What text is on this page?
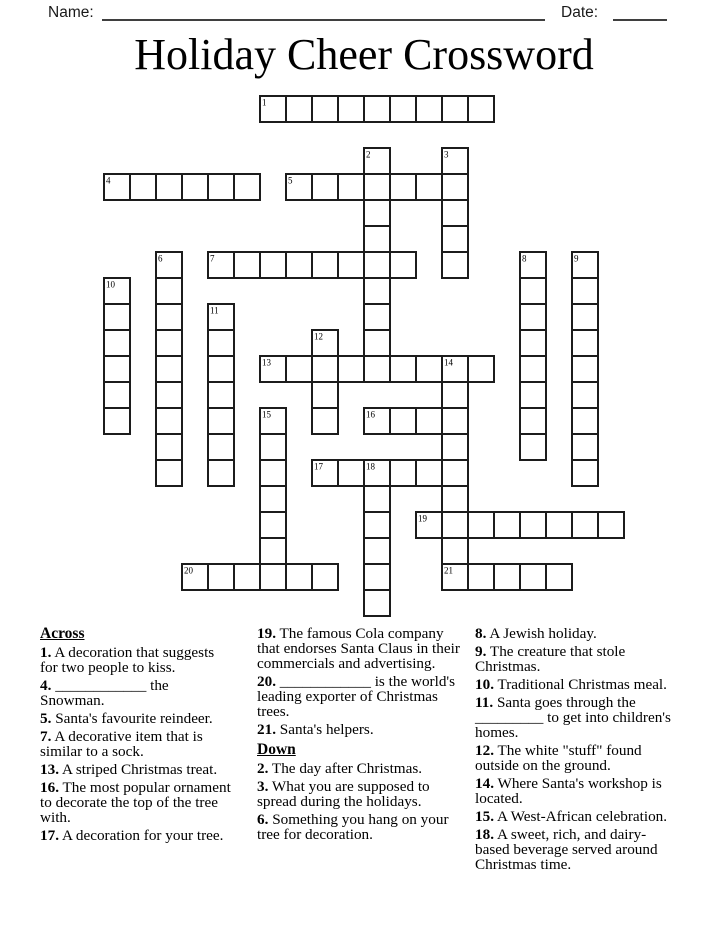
Name:	Date:
Holiday Cheer Crossword
1
2	3
4	5
6	7	8	9
10
11
12
13	14
15	16
17	18
19
20	21
Across
1. A decoration that suggests for two people to kiss.
4. ____________ the Snowman.
5. Santa's favourite reindeer.
7. A decorative item that is similar to a sock.
13. A striped Christmas treat.
16. The most popular ornament to decorate the top of the tree with.
17. A decoration for your tree.
19. The famous Cola company that endorses Santa Claus in their commercials and advertising.
20. ____________ is the world's leading exporter of Christmas trees.
21. Santa's helpers.
Down
2. The day after Christmas.
3. What you are supposed to spread during the holidays.
6. Something you hang on your tree for decoration.
8. A Jewish holiday.
9. The creature that stole Christmas.
10. Traditional Christmas meal.
11. Santa goes through the _________ to get into children's homes.
12. The white "stuff" found outside on the ground.
14. Where Santa's workshop is located.
15. A West-African celebration.
18. A sweet, rich, and dairy-based beverage served around Christmas time.
